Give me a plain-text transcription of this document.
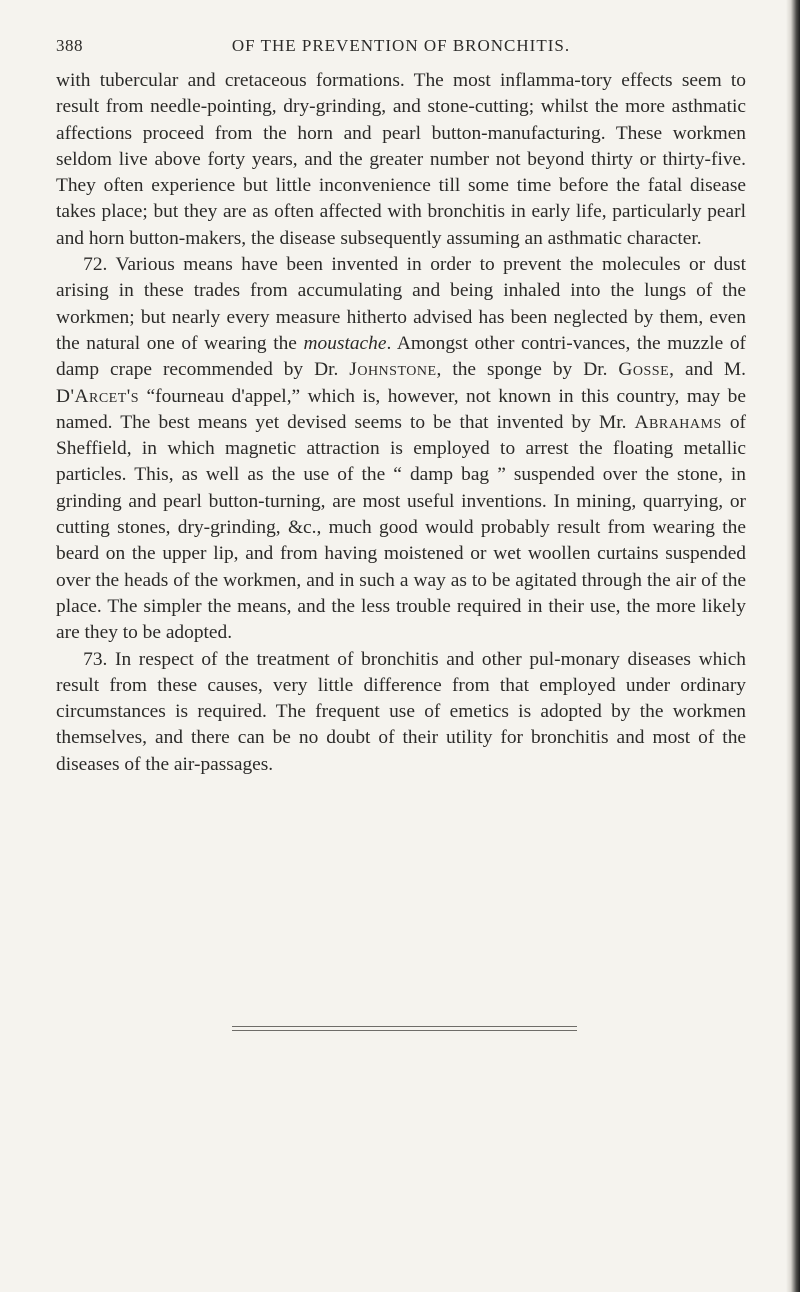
388	OF THE PREVENTION OF BRONCHITIS.

with tubercular and cretaceous formations. The most inflamma-tory effects seem to result from needle-pointing, dry-grinding, and stone-cutting; whilst the more asthmatic affections proceed from the horn and pearl button-manufacturing. These workmen seldom live above forty years, and the greater number not beyond thirty or thirty-five. They often experience but little inconvenience till some time before the fatal disease takes place; but they are as often affected with bronchitis in early life, particularly pearl and horn button-makers, the disease subsequently assuming an asthmatic character.

72. Various means have been invented in order to prevent the molecules or dust arising in these trades from accumulating and being inhaled into the lungs of the workmen; but nearly every measure hitherto advised has been neglected by them, even the natural one of wearing the moustache. Amongst other contri-vances, the muzzle of damp crape recommended by Dr. Johnstone, the sponge by Dr. Gosse, and M. D'Arcet's “fourneau d'appel,” which is, however, not known in this country, may be named. The best means yet devised seems to be that invented by Mr. Abrahams of Sheffield, in which magnetic attraction is employed to arrest the floating metallic particles. This, as well as the use of the “ damp bag ” suspended over the stone, in grinding and pearl button-turning, are most useful inventions. In mining, quarrying, or cutting stones, dry-grinding, &c., much good would probably result from wearing the beard on the upper lip, and from having moistened or wet woollen curtains suspended over the heads of the workmen, and in such a way as to be agitated through the air of the place. The simpler the means, and the less trouble required in their use, the more likely are they to be adopted.

73. In respect of the treatment of bronchitis and other pul-monary diseases which result from these causes, very little difference from that employed under ordinary circumstances is required. The frequent use of emetics is adopted by the workmen themselves, and there can be no doubt of their utility for bronchitis and most of the diseases of the air-passages.
